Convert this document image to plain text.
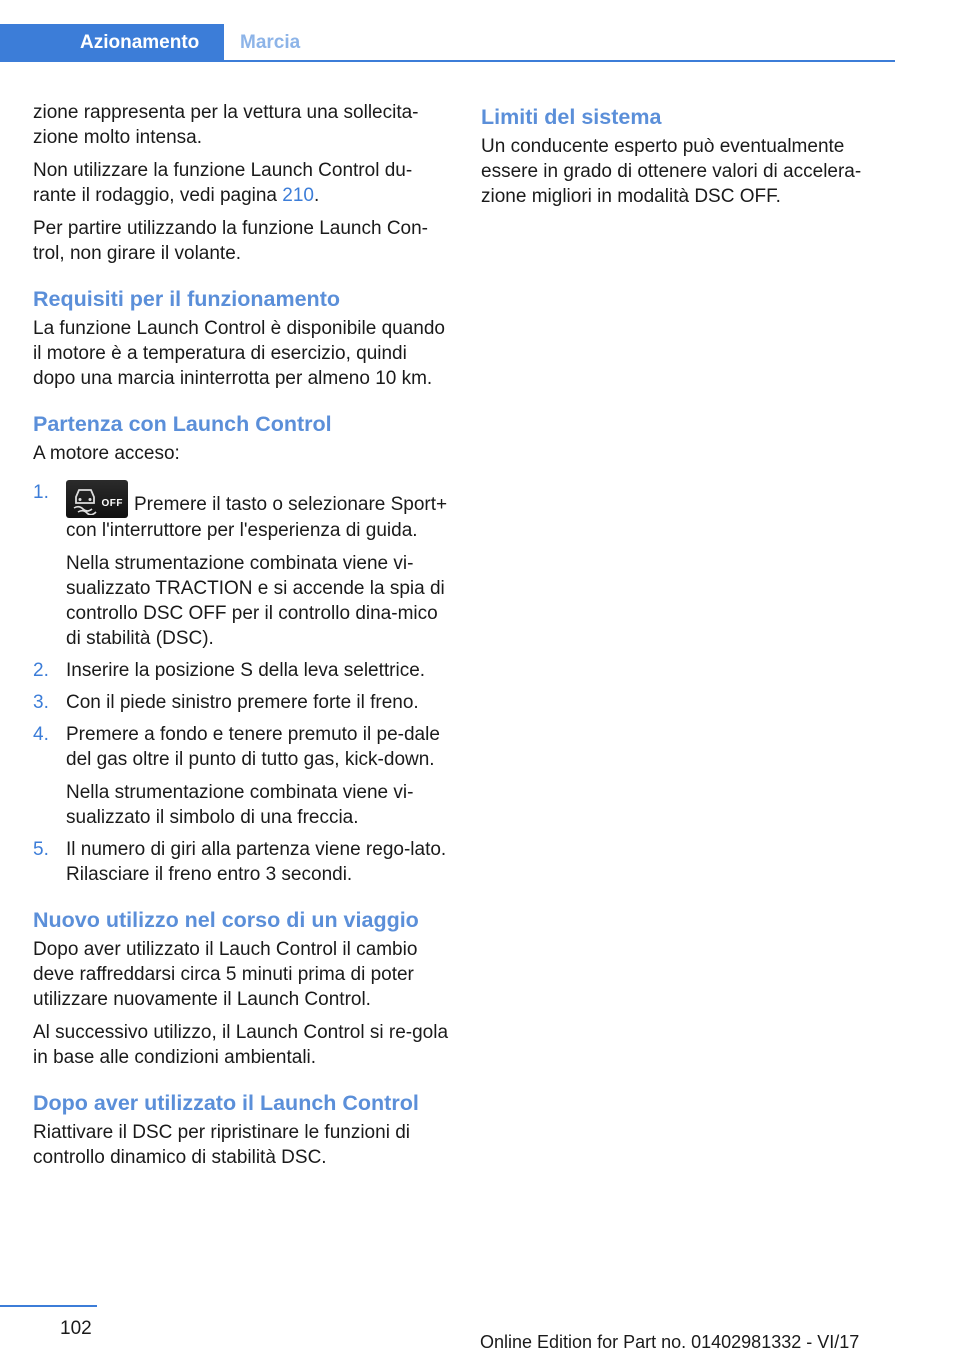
Azionamento	Marcia

zione rappresenta per la vettura una sollecita-zione molto intensa.

Non utilizzare la funzione Launch Control du-rante il rodaggio, vedi pagina 210.

Per partire utilizzando la funzione Launch Con-trol, non girare il volante.

Requisiti per il funzionamento

La funzione Launch Control è disponibile quando il motore è a temperatura di esercizio, quindi dopo una marcia ininterrotta per almeno 10 km.

Partenza con Launch Control

A motore acceso:

1.

OFF Premere il tasto o selezionare Sport+ con l'interruttore per l'esperienza di guida.

Nella strumentazione combinata viene vi-sualizzato TRACTION e si accende la spia di controllo DSC OFF per il controllo dina-mico di stabilità (DSC).

2. Inserire la posizione S della leva selettrice.

3. Con il piede sinistro premere forte il freno.

4. Premere a fondo e tenere premuto il pe-dale del gas oltre il punto di tutto gas, kick-down.

Nella strumentazione combinata viene vi-sualizzato il simbolo di una freccia.

5. Il numero di giri alla partenza viene rego-lato. Rilasciare il freno entro 3 secondi.

Nuovo utilizzo nel corso di un viaggio

Dopo aver utilizzato il Lauch Control il cambio deve raffreddarsi circa 5 minuti prima di poter utilizzare nuovamente il Launch Control.

Al successivo utilizzo, il Launch Control si re-gola in base alle condizioni ambientali.

Dopo aver utilizzato il Launch Control

Riattivare il DSC per ripristinare le funzioni di controllo dinamico di stabilità DSC.

Limiti del sistema

Un conducente esperto può eventualmente essere in grado di ottenere valori di accelera-zione migliori in modalità DSC OFF.

102
Online Edition for Part no. 01402981332 - VI/17
